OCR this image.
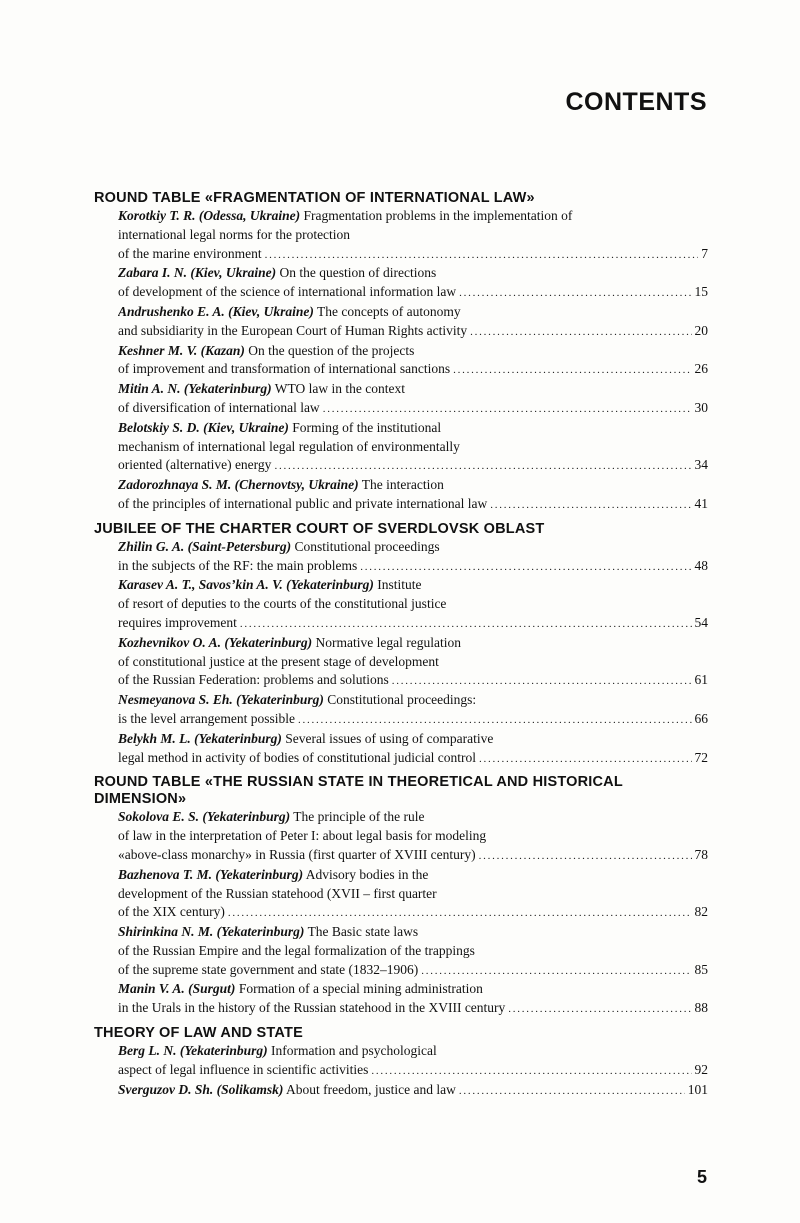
CONTENTS
ROUND TABLE «FRAGMENTATION OF INTERNATIONAL LAW»
Korotkiy T. R. (Odessa, Ukraine) Fragmentation problems in the implementation of
international legal norms for the protection
of the marine environment . . .	7
Zabara I. N. (Kiev, Ukraine) On the question of directions
of development of the science of international information law . . .	15
Andrushenko E. A. (Kiev, Ukraine) The concepts of autonomy
and subsidiarity in the European Court of Human Rights activity . . .	20
Keshner M. V. (Kazan) On the question of the projects
of improvement and transformation of international sanctions . . .	26
Mitin A. N. (Yekaterinburg) WTO law in the context
of diversification of international law . . .	30
Belotskiy S. D. (Kiev, Ukraine) Forming of the institutional
mechanism of international legal regulation of environmentally
oriented (alternative) energy . . .	34
Zadorozhnaya S. M. (Chernovtsy, Ukraine) The interaction
of the principles of international public and private international law . . .	41
JUBILEE OF THE CHARTER COURT OF SVERDLOVSK OBLAST
Zhilin G. A. (Saint-Petersburg) Constitutional proceedings
in the subjects of the RF: the main problems . . .	48
Karasev A. T., Savos’kin A. V. (Yekaterinburg) Institute
of resort of deputies to the courts of the constitutional justice
requires improvement . . .	54
Kozhevnikov O. A. (Yekaterinburg) Normative legal regulation
of constitutional justice at the present stage of development
of the Russian Federation: problems and solutions . . .	61
Nesmeyanova S. Eh. (Yekaterinburg) Constitutional proceedings:
is the level arrangement possible . . .	66
Belykh M. L. (Yekaterinburg) Several issues of using of comparative
legal method in activity of bodies of constitutional judicial control . . .	72
ROUND TABLE «THE RUSSIAN STATE IN THEORETICAL AND HISTORICAL DIMENSION»
Sokolova E. S. (Yekaterinburg) The principle of the rule
of law in the interpretation of Peter I: about legal basis for modeling
«above-class monarchy» in Russia (first quarter of XVIII century) . . .	78
Bazhenova T. M. (Yekaterinburg) Advisory bodies in the
development of the Russian statehood (XVII – first quarter
of the XIX century) . . .	82
Shirinkina N. M. (Yekaterinburg) The Basic state laws
of the Russian Empire and the legal formalization of the trappings
of the supreme state government and state (1832–1906) . . .	85
Manin V. A. (Surgut) Formation of a special mining administration
in the Urals in the history of the Russian statehood in the XVIII century . . .	88
THEORY OF LAW AND STATE
Berg L. N. (Yekaterinburg) Information and psychological
aspect of legal influence in scientific activities . . .	92
Sverguzov D. Sh. (Solikamsk) About freedom, justice and law . . .	101
5
